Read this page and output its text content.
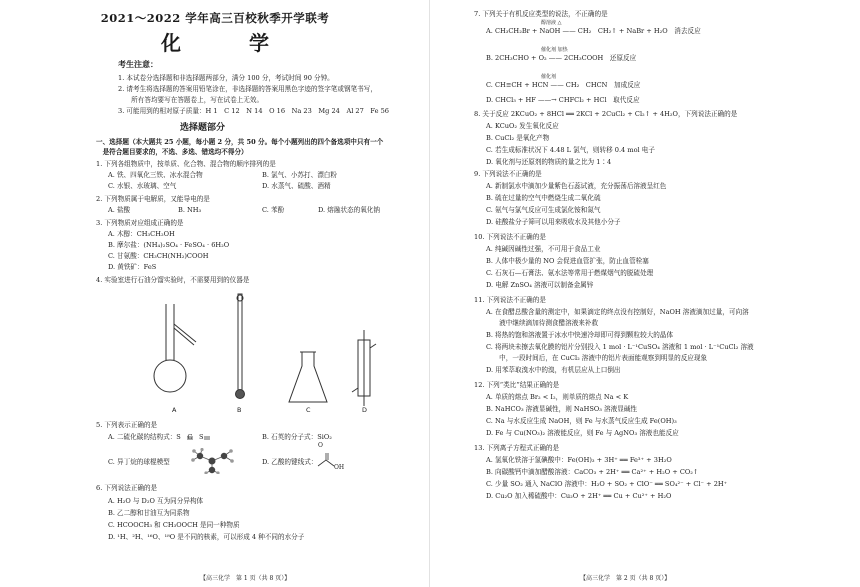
2021～2022 学年高三百校秋季开学联考
化　学
考生注意：
1. 本试卷分选择题和非选择题两部分，满分 100 分，考试时间 90 分钟。
2. 请考生将选择题的答案用铅笔涂在，非选择题的答案用黑色字迹的签字笔或钢笔书写，
　　所有答均要写在答题卷上，写在试卷上无效。
3. 可能用到的相对原子质量：H 1　C 12　N 14　O 16　Na 23　Mg 24　Al 27　Fe 56
选择题部分
一、选择题（本大题共 25 小题，每小题 2 分，共 50 分。每个小题列出的四个备选项中只有一个
　是符合题目要求的，不选、多选、错选均不得分）
1. 下列各组物质中，按单质、化合物、混合物的顺序排列的是
A. 铁、四氧化三铁、冰水混合物	B. 氯气、小苏打、漂白粉
C. 水银、水玻璃、空气	D. 水蒸气、硫酸、酒精
2. 下列物质属于电解质，又能导电的是
A. 盐酸	B. NH₃	C. 苯酚	D. 熔融状态的氧化钠
3. 下列物质对应组成正确的是
A. 木醇：CH₃CH₂OH
B. 摩尔盐：(NH₄)₂SO₄ · FeSO₄ · 6H₂O
C. 甘氨酸：CH₃CH(NH₂)COOH
D. 黄铁矿：FeS
4. 实验室进行石油分馏实验时，不需要用到的仪器是
A	B	C	D
5. 下列表示正确的是
A. 二硫化碳的结构式：S　C　S	B. 石英的分子式：SiO₂
C. 异丁烷的球棍模型	D. 乙酸的键线式：
O
OH
6. 下列说法正确的是
A. H₂O 与 D₂O 互为同分异构体
B. 乙二醇和甘油互为同系物
C. HCOOCH₃ 和 CH₃OOCH 是同一种物质
D. ¹H、²H、¹⁶O、¹⁸O 是不同的核素，可以形成 4 种不同的水分子
【高三化学　第 1 页（共 8 页）】
7. 下列关于有机反应类型的说法，不正确的是
醇溶液 △
A. CH₃CH₂Br + NaOH —— CH₂　CH₂↑ + NaBr + H₂O　消去反应
催化剂 加热
B. 2CH₃CHO + O₂ —— 2CH₃COOH　还原反应
催化剂
C. CH≡CH + HCN —— CH₂　CHCN　加成反应
D. CHCl₃ + HF ——→ CHFCl₂ + HCl　取代反应
8. 关于反应 2KCuO₂ + 8HCl ══ 2KCl + 2CuCl₂ + Cl₂↑ + 4H₂O，下列说法正确的是
A. KCuO₂ 发生氧化反应
B. CuCl₂ 是氧化产物
C. 若生成标准状况下 4.48 L 氯气，则转移 0.4 mol 电子
D. 氧化剂与还原剂的物质的量之比为 1∶4
9. 下列说法不正确的是
A. 新制氯水中滴加少量紫色石蕊试液，充分振荡后溶液呈红色
B. 硫在过量的空气中燃烧生成二氧化硫
C. 氨气与氯气反应可生成氯化铵和氮气
D. 硅酸盐分子筛可以用来吸收水及其他小分子
10. 下列说法不正确的是
A. 纯碱因碱性过强，不可用于食品工业
B. 人体中极少量的 NO 会促进血管扩张，防止血管栓塞
C. 石灰石—石膏法、氨水法等常用于燃煤烟气的脱硫处理
D. 电解 ZnSO₄ 溶液可以制备金属锌
11. 下列说法不正确的是
A. 在食醋总酸含量的测定中，如果滴定的终点没有控制好，NaOH 溶液滴加过量，可向溶
　　液中继续滴加待测食醋溶液来补救
B. 将热的饱和溶液置于冰水中快速冷却即可得到颗粒较大的晶体
C. 将两块未擦去氧化膜的铝片分别投入 1 mol · L⁻¹CuSO₄ 溶液和 1 mol · L⁻¹CuCl₂ 溶液
　　中，一段时间后，在 CuCl₂ 溶液中的铝片表面能观察到明显的反应现象
D. 用苯萃取溴水中的溴，有机层应从上口倒出
12. 下列“类比”结果正确的是
A. 单质的熔点 Br₂ < I₂，则单质的熔点 Na < K
B. NaHCO₃ 溶液显碱性，则 NaHSO₃ 溶液显碱性
C. Na 与水反应生成 NaOH，则 Fe 与水蒸气反应生成 Fe(OH)₃
D. Fe 与 Cu(NO₃)₂ 溶液能反应，则 Fe 与 AgNO₃ 溶液也能反应
13. 下列离子方程式正确的是
A. 氢氧化铁溶于氢碘酸中：Fe(OH)₃ + 3H⁺ ══ Fe³⁺ + 3H₂O
B. 向碳酸钙中滴加醋酸溶液：CaCO₃ + 2H⁺ ══ Ca²⁺ + H₂O + CO₂↑
C. 少量 SO₂ 通入 NaClO 溶液中：H₂O + SO₂ + ClO⁻ ══ SO₄²⁻ + Cl⁻ + 2H⁺
D. Cu₂O 加入稀硫酸中：Cu₂O + 2H⁺ ══ Cu + Cu²⁺ + H₂O
【高三化学　第 2 页（共 8 页）】
